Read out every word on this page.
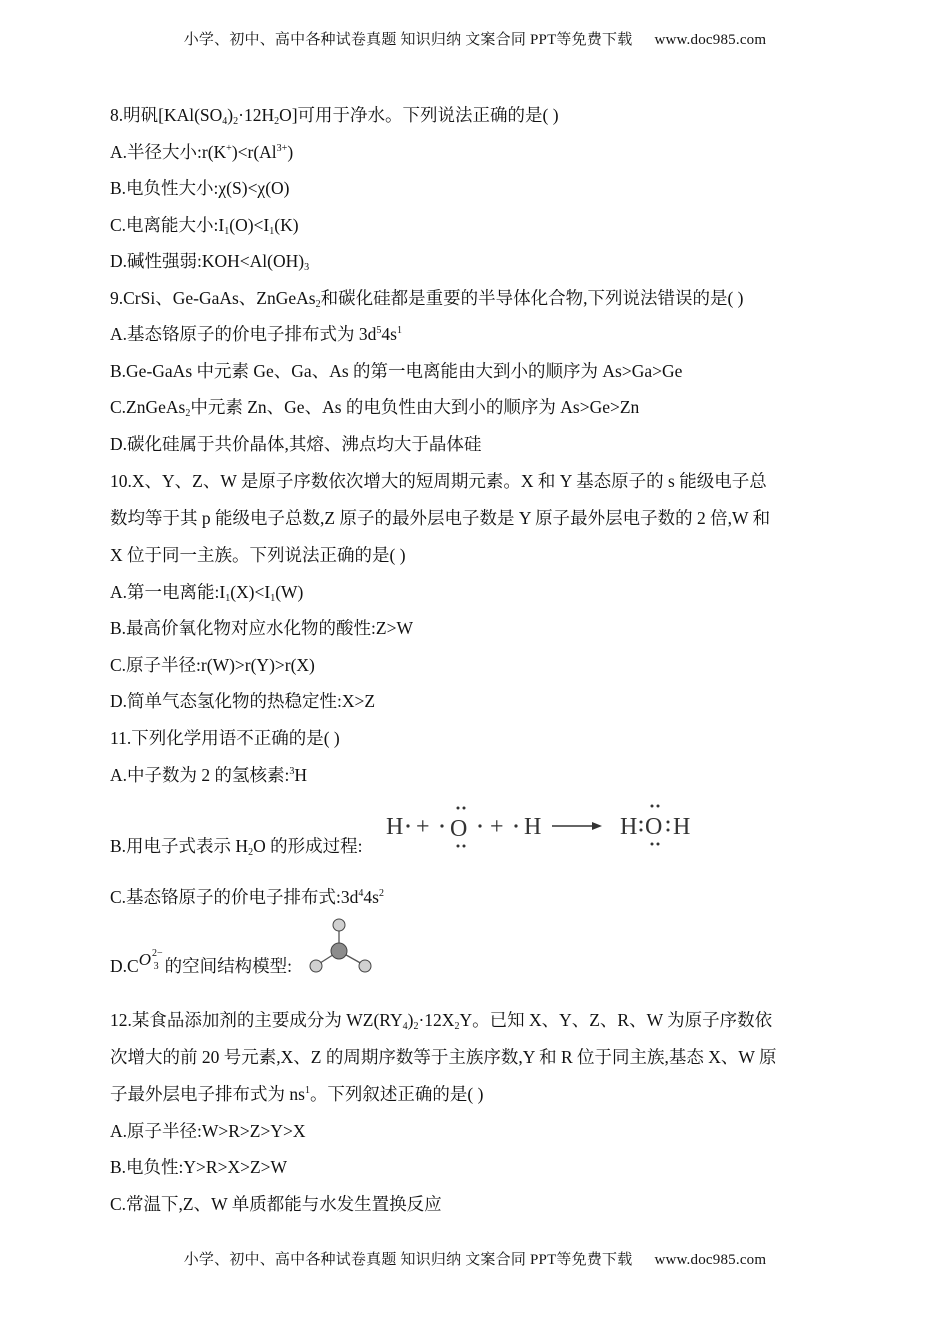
小学、初中、高中各种试卷真题 知识归纳 文案合同 PPT等免费下载 www.doc985.com
8.明矾$[KAl(SO_4)_2\cdot 12H_2O]$可用于净水。下列说法正确的是( )
A.半径大小$:r(K^+)<r(Al^{3+})$
B.电负性大小:χ(S)<χ(O)
C.电离能大小$:I_1(O)<I_1(K)$
D.碱性强弱$:KOH<Al(OH)_3$
9.CrSi、Ge-GaAs、ZnGeAs$_2$和碳化硅都是重要的半导体化合物,下列说法错误的是( )
A.基态铬原子的价电子排布式为 $3d^54s^1$
B.Ge-GaAs 中元素 Ge、Ga、As 的第一电离能由大到小的顺序为 As>Ga>Ge
C.ZnGeAs$_2$中元素 Zn、Ge、As 的电负性由大到小的顺序为 As>Ge>Zn
D.碳化硅属于共价晶体,其熔、沸点均大于晶体硅
10.X、Y、Z、W 是原子序数依次增大的短周期元素。X 和 Y 基态原子的 s 能级电子总
数均等于其 p 能级电子总数,Z 原子的最外层电子数是 Y 原子最外层电子数的 2 倍,W 和
X 位于同一主族。下列说法正确的是( )
A.第一电离能$:I_1(X)<I_1(W)$
B.最高价氧化物对应水化物的酸性:Z>W
C.原子半径:r(W)>r(Y)>r(X)
D.简单气态氢化物的热稳定性:X>Z
11.下列化学用语不正确的是( )
A.中子数为 2 的氢核素:$^3$H
B.用电子式表示 $H_2O$ 的形成过程:
H + O + H	H O H
C.基态铬原子的价电子排布式$:3d^44s^2$
$D.CO^{2-}3$ 的空间结构模型:
12.某食品添加剂的主要成分为 $WZ(RY_4)_2\cdot 12X_2Y$。已知 X、Y、Z、R、W 为原子序数依
次增大的前 20 号元素,X、Z 的周期序数等于主族序数,Y 和 R 位于同主族,基态 X、W 原
子最外层电子排布式为 $ns^1$。下列叙述正确的是( )
A.原子半径:W>R>Z>Y>X
B.电负性:Y>R>X>Z>W
C.常温下,Z、W 单质都能与水发生置换反应
小学、初中、高中各种试卷真题 知识归纳 文案合同 PPT等免费下载 www.doc985.com
